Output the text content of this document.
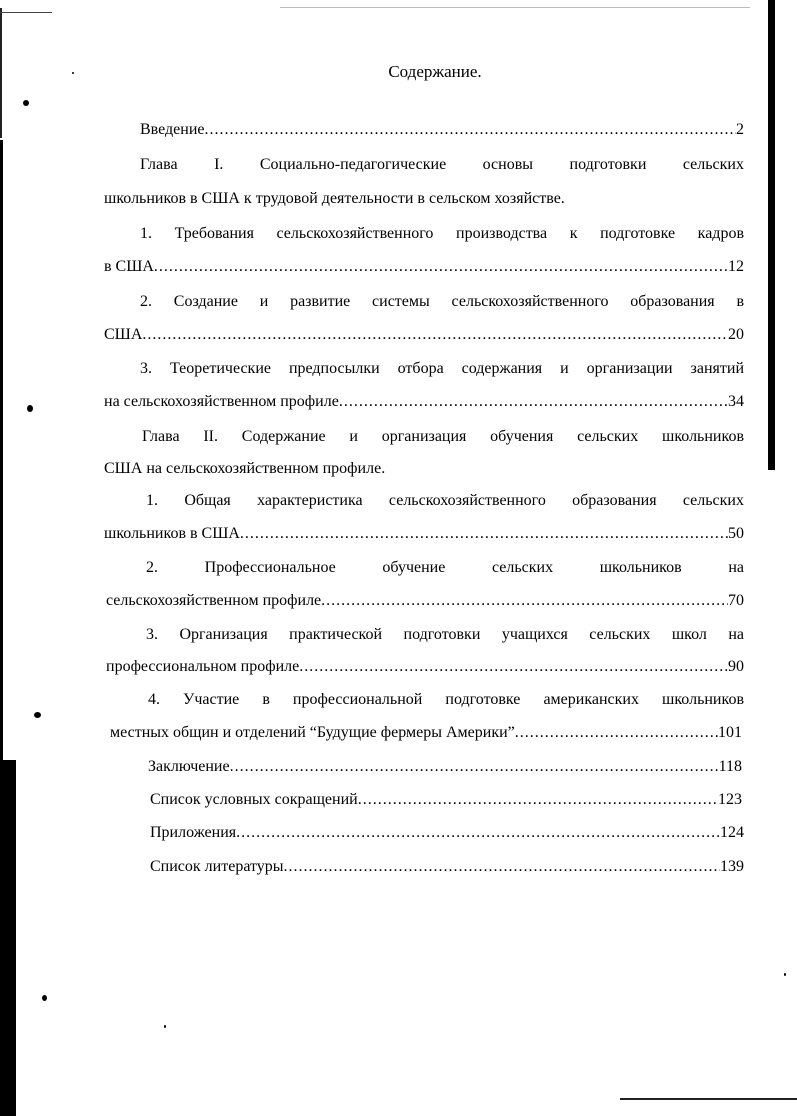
Содержание.
Введение .....	2
Глава I. Социально-педагогические основы подготовки сельских
школьников в США к трудовой деятельности в сельском хозяйстве.
1. Требования сельскохозяйственного производства к подготовке кадров
в США .....	12
2. Создание и развитие системы сельскохозяйственного образования в
США .....	20
3. Теоретические предпосылки отбора содержания и организации занятий
на сельскохозяйственном профиле .....	34
Глава II. Содержание и организация обучения сельских школьников
США на сельскохозяйственном профиле.
1. Общая характеристика сельскохозяйственного образования сельских
школьников в США .....	50
2. Профессиональное обучение сельских школьников на
сельскохозяйственном профиле .....	70
3. Организация практической подготовки учащихся сельских школ на
профессиональном профиле .....	90
4. Участие в профессиональной подготовке американских школьников
местных общин и отделений “Будущие фермеры Америки” .....	101
Заключение .....	118
Список условных сокращений .....	123
Приложения .....	124
Список литературы .....	139
